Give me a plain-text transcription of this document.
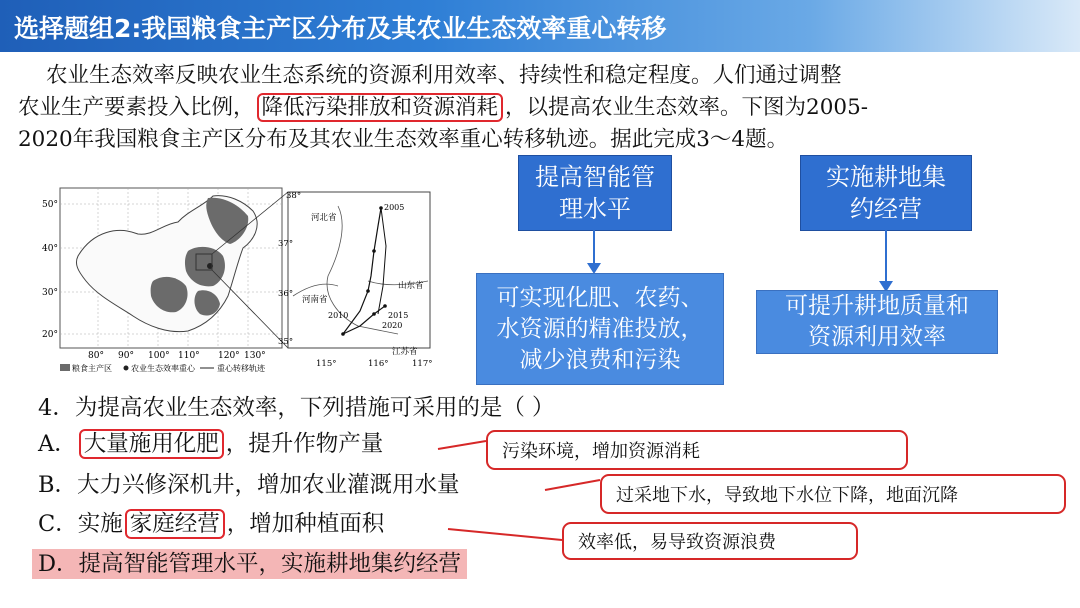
选择题组2:我国粮食主产区分布及其农业生态效率重心转移
农业生态效率反映农业生态系统的资源利用效率、持续性和稳定程度。人们通过调整
农业生产要素投入比例， 降低污染排放和资源消耗 ，以提高农业生态效率。下图为2005-
2020年我国粮食主产区分布及其农业生态效率重心转移轨迹。据此完成3～4题。
50°
40°
30°
20°
80° 90° 100° 110° 120° 130°
粮食主产区 农业生态效率重心	重心转移轨迹
2005
2010	2015
2020
河北省
山东省
河南省
江苏省
38°
37°
36°
35°
115°	116°	117°
提高智能管
理水平
实施耕地集
约经营
可实现化肥、农药、
水资源的精准投放，
减少浪费和污染
可提升耕地质量和
资源利用效率
4．为提高农业生态效率，下列措施可采用的是（ ）
A． 大量施用化肥 ，提升作物产量
B．大力兴修深机井，增加农业灌溉用水量
C．实施 家庭经营 ，增加种植面积
D．提高智能管理水平，实施耕地集约经营
污染环境，增加资源消耗
过采地下水，导致地下水位下降，地面沉降
效率低，易导致资源浪费
